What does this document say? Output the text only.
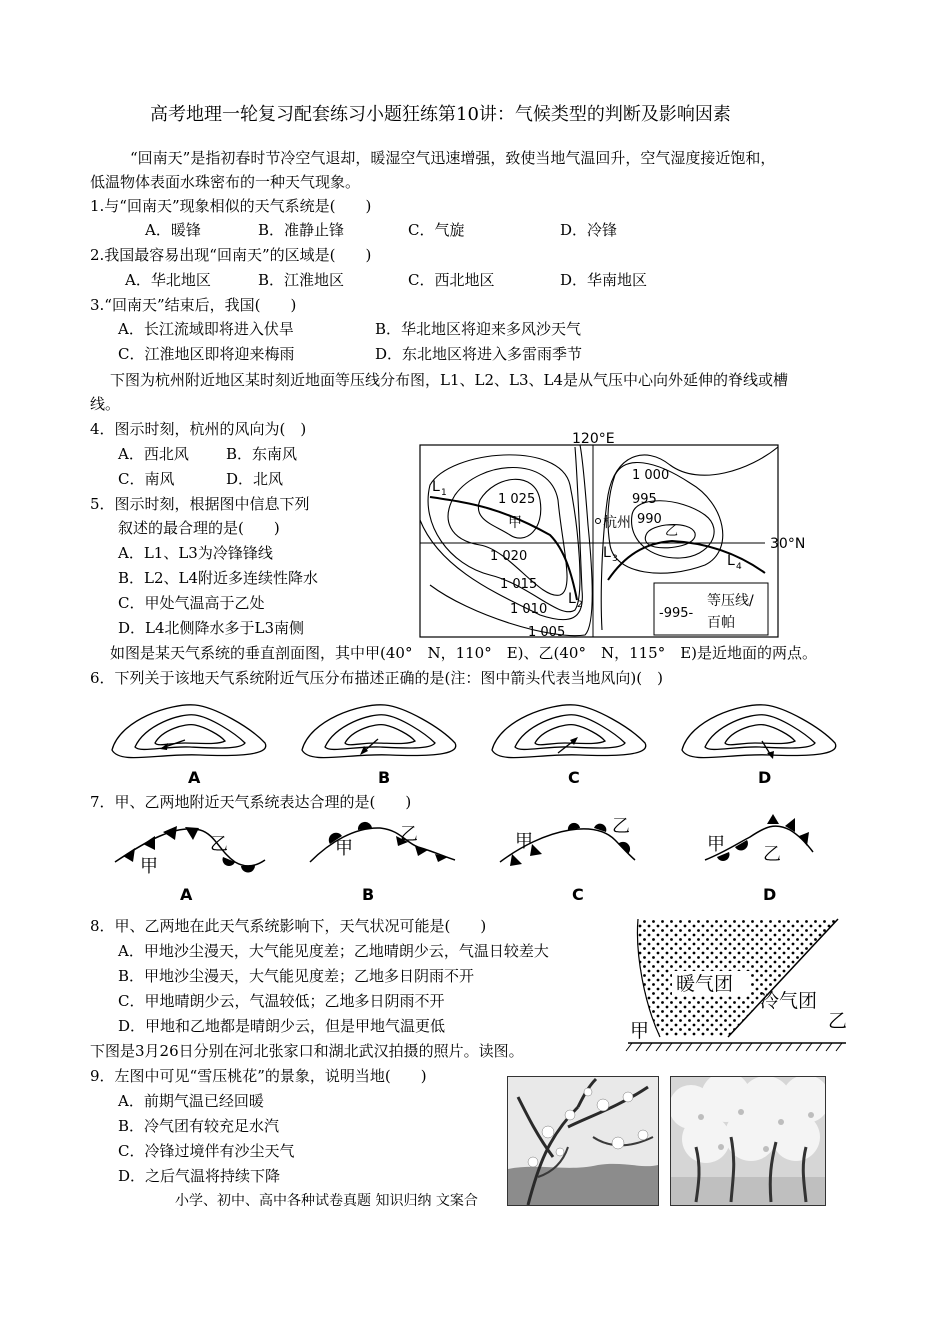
高考地理一轮复习配套练习小题狂练第10讲：气候类型的判断及影响因素
“回南天”是指初春时节冷空气退却，暖湿空气迅速增强，致使当地气温回升，空气湿度接近饱和，
低温物体表面水珠密布的一种天气现象。
1.与“回南天”现象相似的天气系统是(　　)
A．暖锋	B．准静止锋	C．气旋	D．冷锋
2.我国最容易出现“回南天”的区域是(　　)
A．华北地区	B．江淮地区	C．西北地区	D．华南地区
3.“回南天”结束后，我国(　　)
A．长江流域即将进入伏旱	B．华北地区将迎来多风沙天气
C．江淮地区即将迎来梅雨	D．东北地区将进入多雷雨季节
下图为杭州附近地区某时刻近地面等压线分布图，L1、L2、L3、L4是从气压中心向外延伸的脊线或槽
线。
4．图示时刻，杭州的风向为(　)
A．西北风 B．东南风
C．南风	D．北风
5．图示时刻，根据图中信息下列
叙述的最合理的是(　　)
A．L1、L3为冷锋锋线
B．L2、L4附近多连续性降水
C．甲处气温高于乙处
D．L4北侧降水多于L3南侧
120°E
30°N
L 1
L 2
L 3	L 4
1 025
甲
1 020
1 015
1 010
1 005
杭州
1 000
995
990
乙
-995-
等压线/
百帕
如图是某天气系统的垂直剖面图，其中甲(40°　N，110°　E)、乙(40°　N，115°　E)是近地面的两点。
6．下列关于该地天气系统附近气压分布描述正确的是(注：图中箭头代表当地风向)(　)
A	B	C	D
7．甲、乙两地附近天气系统表达合理的是(　　)
甲
乙
A
甲
乙
B
甲
乙
C
甲 乙
D
8．甲、乙两地在此天气系统影响下，天气状况可能是(　　)
A．甲地沙尘漫天，大气能见度差；乙地晴朗少云，气温日较差大
B．甲地沙尘漫天，大气能见度差；乙地多日阴雨不开
C．甲地晴朗少云，气温较低；乙地多日阴雨不开
D．甲地和乙地都是晴朗少云，但是甲地气温更低
暖气团
冷气团
甲	乙
下图是3月26日分别在河北张家口和湖北武汉拍摄的照片。读图。
9．左图中可见“雪压桃花”的景象，说明当地(　　)
A．前期气温已经回暖
B．冷气团有较充足水汽
C．冷锋过境伴有沙尘天气
D．之后气温将持续下降
小学、初中、高中各种试卷真题 知识归纳 文案合
